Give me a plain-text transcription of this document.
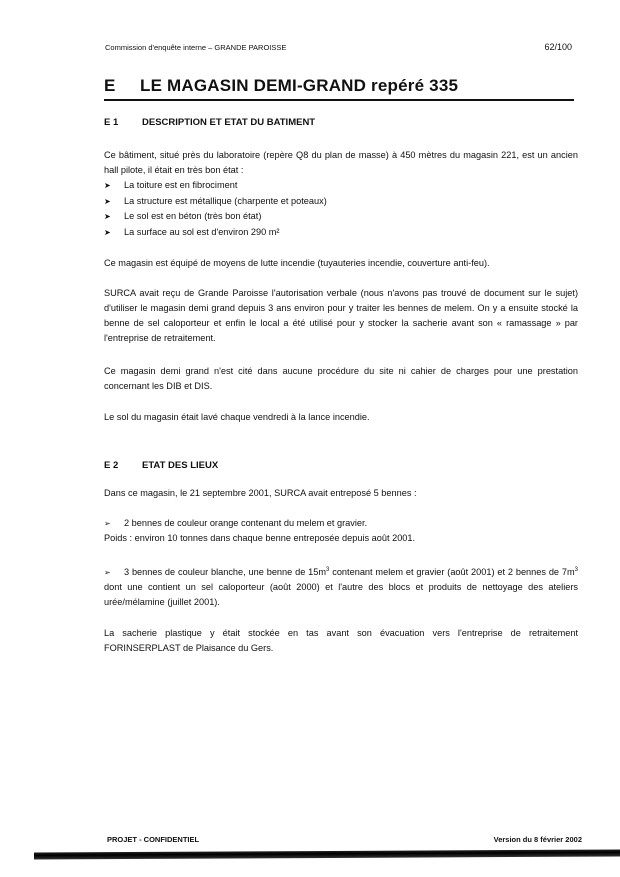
Commission d'enquête interne – GRANDE PAROISSE	62/100
E LE MAGASIN DEMI-GRAND repéré 335
E 1 DESCRIPTION ET ETAT DU BATIMENT

Ce bâtiment, situé près du laboratoire (repère Q8 du plan de masse) à 450 mètres du magasin 221, est un ancien hall pilote, il était en très bon état :

➤	La toiture est en fibrociment
➤	La structure est métallique (charpente et poteaux)
➤	Le sol est en béton (très bon état)
➤	La surface au sol est d'environ 290 m²

Ce magasin est équipé de moyens de lutte incendie (tuyauteries incendie, couverture anti-feu).

SURCA avait reçu de Grande Paroisse l'autorisation verbale (nous n'avons pas trouvé de document sur le sujet) d'utiliser le magasin demi grand depuis 3 ans environ pour y traiter les bennes de melem. On y a ensuite stocké la benne de sel caloporteur et enfin le local a été utilisé pour y stocker la sacherie avant son « ramassage » par l'entreprise de retraitement.

Ce magasin demi grand n'est cité dans aucune procédure du site ni cahier de charges pour une prestation concernant les DIB et DIS.

Le sol du magasin était lavé chaque vendredi à la lance incendie.

E 2 ETAT DES LIEUX

Dans ce magasin, le 21 septembre 2001, SURCA avait entreposé 5 bennes :

➢ 2 bennes de couleur orange contenant du melem et gravier.
Poids : environ 10 tonnes dans chaque benne entreposée depuis août 2001.
➢ 3 bennes de couleur blanche, une benne de $15m^3$ contenant melem et gravier (août 2001) et 2 bennes de $7m^3$ dont une contient un sel caloporteur (août 2000) et l'autre des blocs et produits de nettoyage des ateliers urée/mélamine (juillet 2001).

La sacherie plastique y était stockée en tas avant son évacuation vers l'entreprise de retraitement FORINSERPLAST de Plaisance du Gers.

PROJET - CONFIDENTIEL	Version du 8 février 2002
